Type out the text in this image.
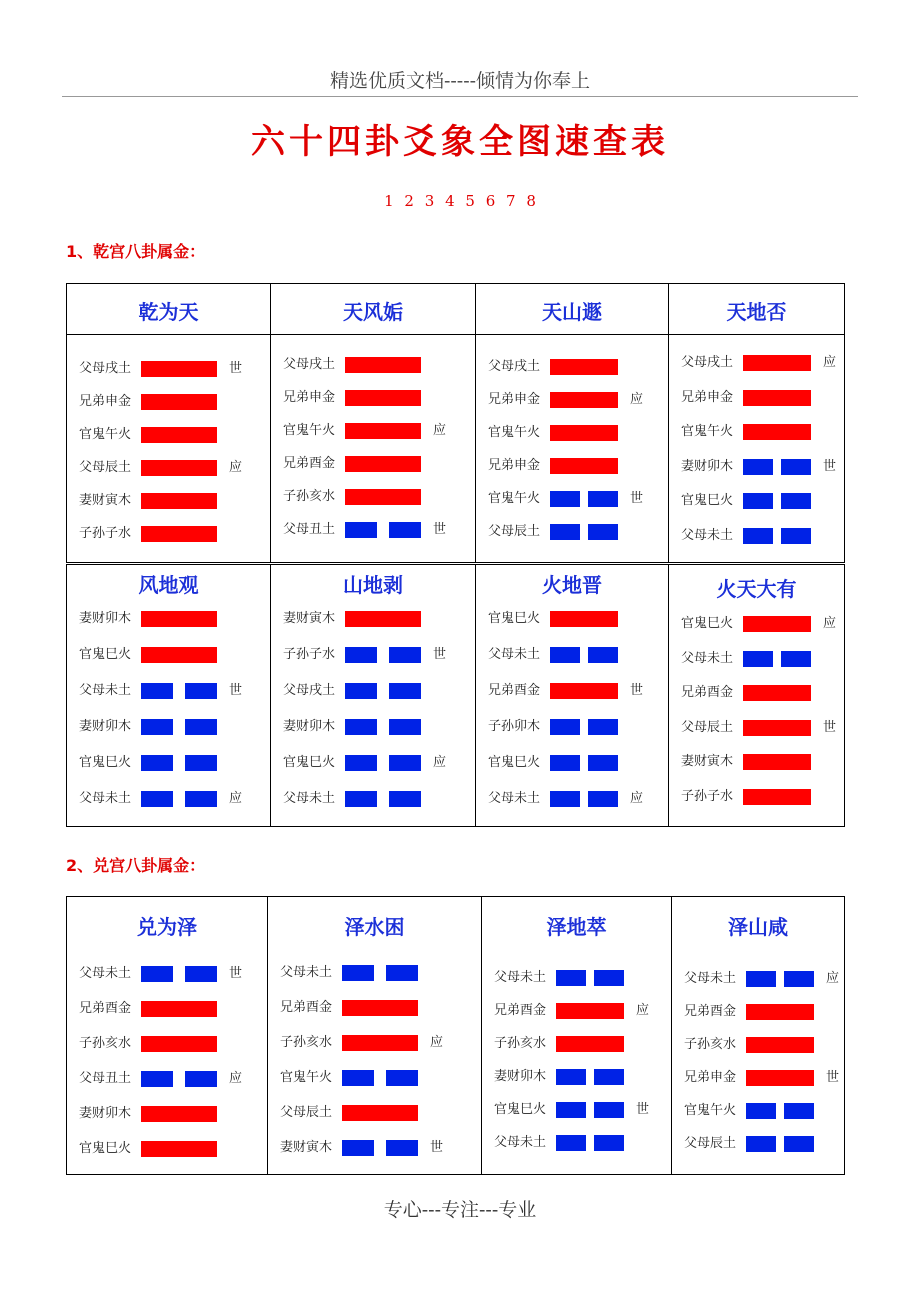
精选优质文档-----倾情为你奉上
六十四卦爻象全图速查表
1 2 3 4 5 6 7 8
1、乾宫八卦属金：
2、兑宫八卦属金：
乾为天
父母戌土	世
兄弟申金
官鬼午火
父母辰土	应
妻财寅木
子孙子水
天风姤
父母戌土
兄弟申金
官鬼午火	应
兄弟酉金
子孙亥水
父母丑土	世
天山遯
父母戌土
兄弟申金	应
官鬼午火
兄弟申金
官鬼午火	世
父母辰土
天地否
父母戌土	应
兄弟申金
官鬼午火
妻财卯木	世
官鬼巳火
父母未土
风地观
妻财卯木
官鬼巳火
父母未土	世
妻财卯木
官鬼巳火
父母未土	应
山地剥
妻财寅木
子孙子水	世
父母戌土
妻财卯木
官鬼巳火	应
父母未土
火地晋
官鬼巳火
父母未土
兄弟酉金	世
子孙卯木
官鬼巳火
父母未土	应
火天大有
官鬼巳火	应
父母未土
兄弟酉金
父母辰土	世
妻财寅木
子孙子水
兑为泽
父母未土	世
兄弟酉金
子孙亥水
父母丑土	应
妻财卯木
官鬼巳火
泽水困
父母未土
兄弟酉金
子孙亥水	应
官鬼午火
父母辰土
妻财寅木	世
泽地萃
父母未土
兄弟酉金	应
子孙亥水
妻财卯木
官鬼巳火	世
父母未土
泽山咸
父母未土	应
兄弟酉金
子孙亥水
兄弟申金	世
官鬼午火
父母辰土
专心---专注---专业
